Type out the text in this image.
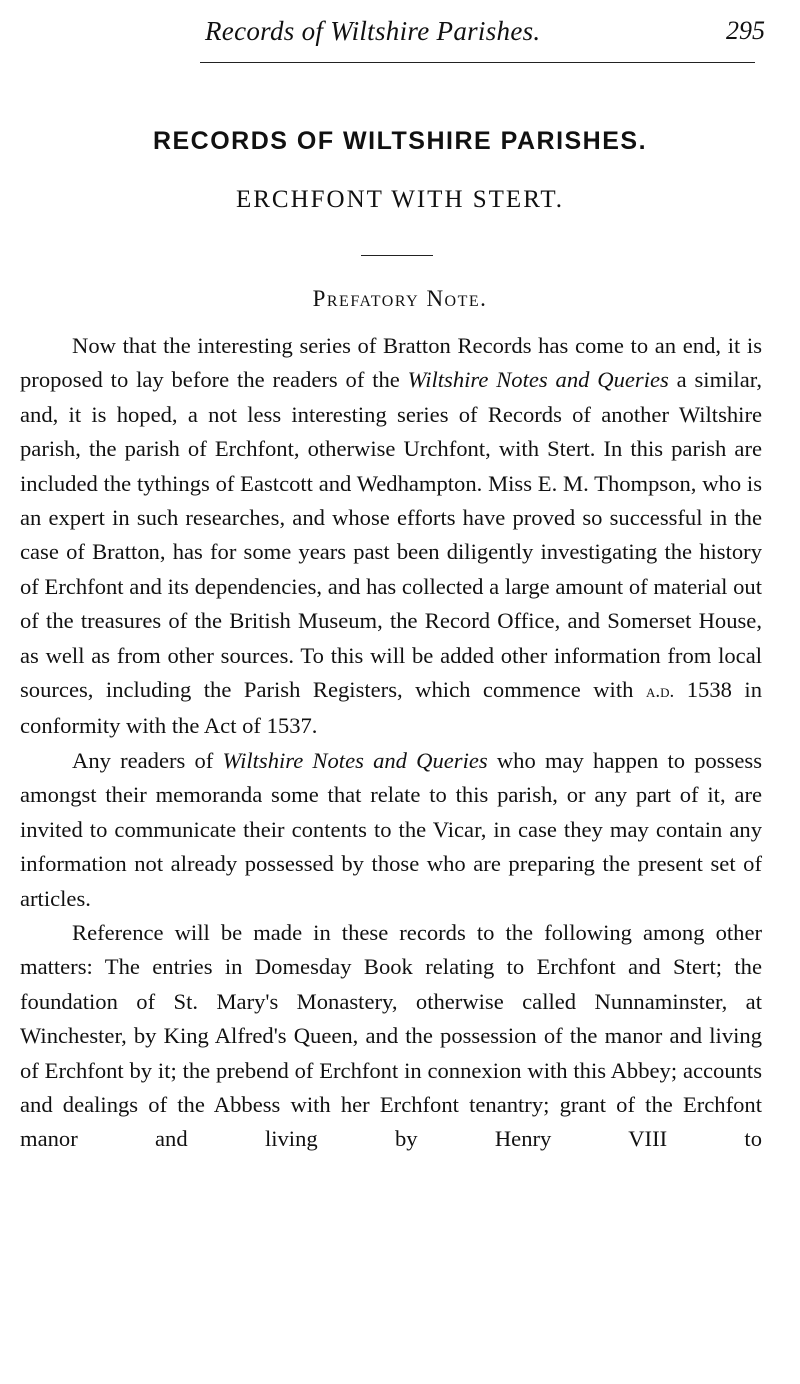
Records of Wiltshire Parishes.	295
RECORDS OF WILTSHIRE PARISHES.
ERCHFONT WITH STERT.
Prefatory Note.

Now that the interesting series of Bratton Records has come to an end, it is proposed to lay before the readers of the Wiltshire Notes and Queries a similar, and, it is hoped, a not less interesting series of Records of another Wiltshire parish, the parish of Erchfont, otherwise Urchfont, with Stert. In this parish are included the tythings of Eastcott and Wedhampton. Miss E. M. Thompson, who is an expert in such researches, and whose efforts have proved so successful in the case of Bratton, has for some years past been diligently investigating the history of Erchfont and its dependencies, and has collected a large amount of material out of the treasures of the British Museum, the Record Office, and Somerset House, as well as from other sources. To this will be added other information from local sources, including the Parish Registers, which commence with a.d. 1538 in conformity with the Act of 1537.

Any readers of Wiltshire Notes and Queries who may happen to possess amongst their memoranda some that relate to this parish, or any part of it, are invited to communicate their contents to the Vicar, in case they may contain any information not already possessed by those who are preparing the present set of articles.

Reference will be made in these records to the following among other matters: The entries in Domesday Book relating to Erchfont and Stert; the foundation of St. Mary's Monastery, otherwise called Nunnaminster, at Winchester, by King Alfred's Queen, and the possession of the manor and living of Erchfont by it; the prebend of Erchfont in connexion with this Abbey; accounts and dealings of the Abbess with her Erchfont tenantry; grant of the Erchfont manor and living by Henry VIII to
